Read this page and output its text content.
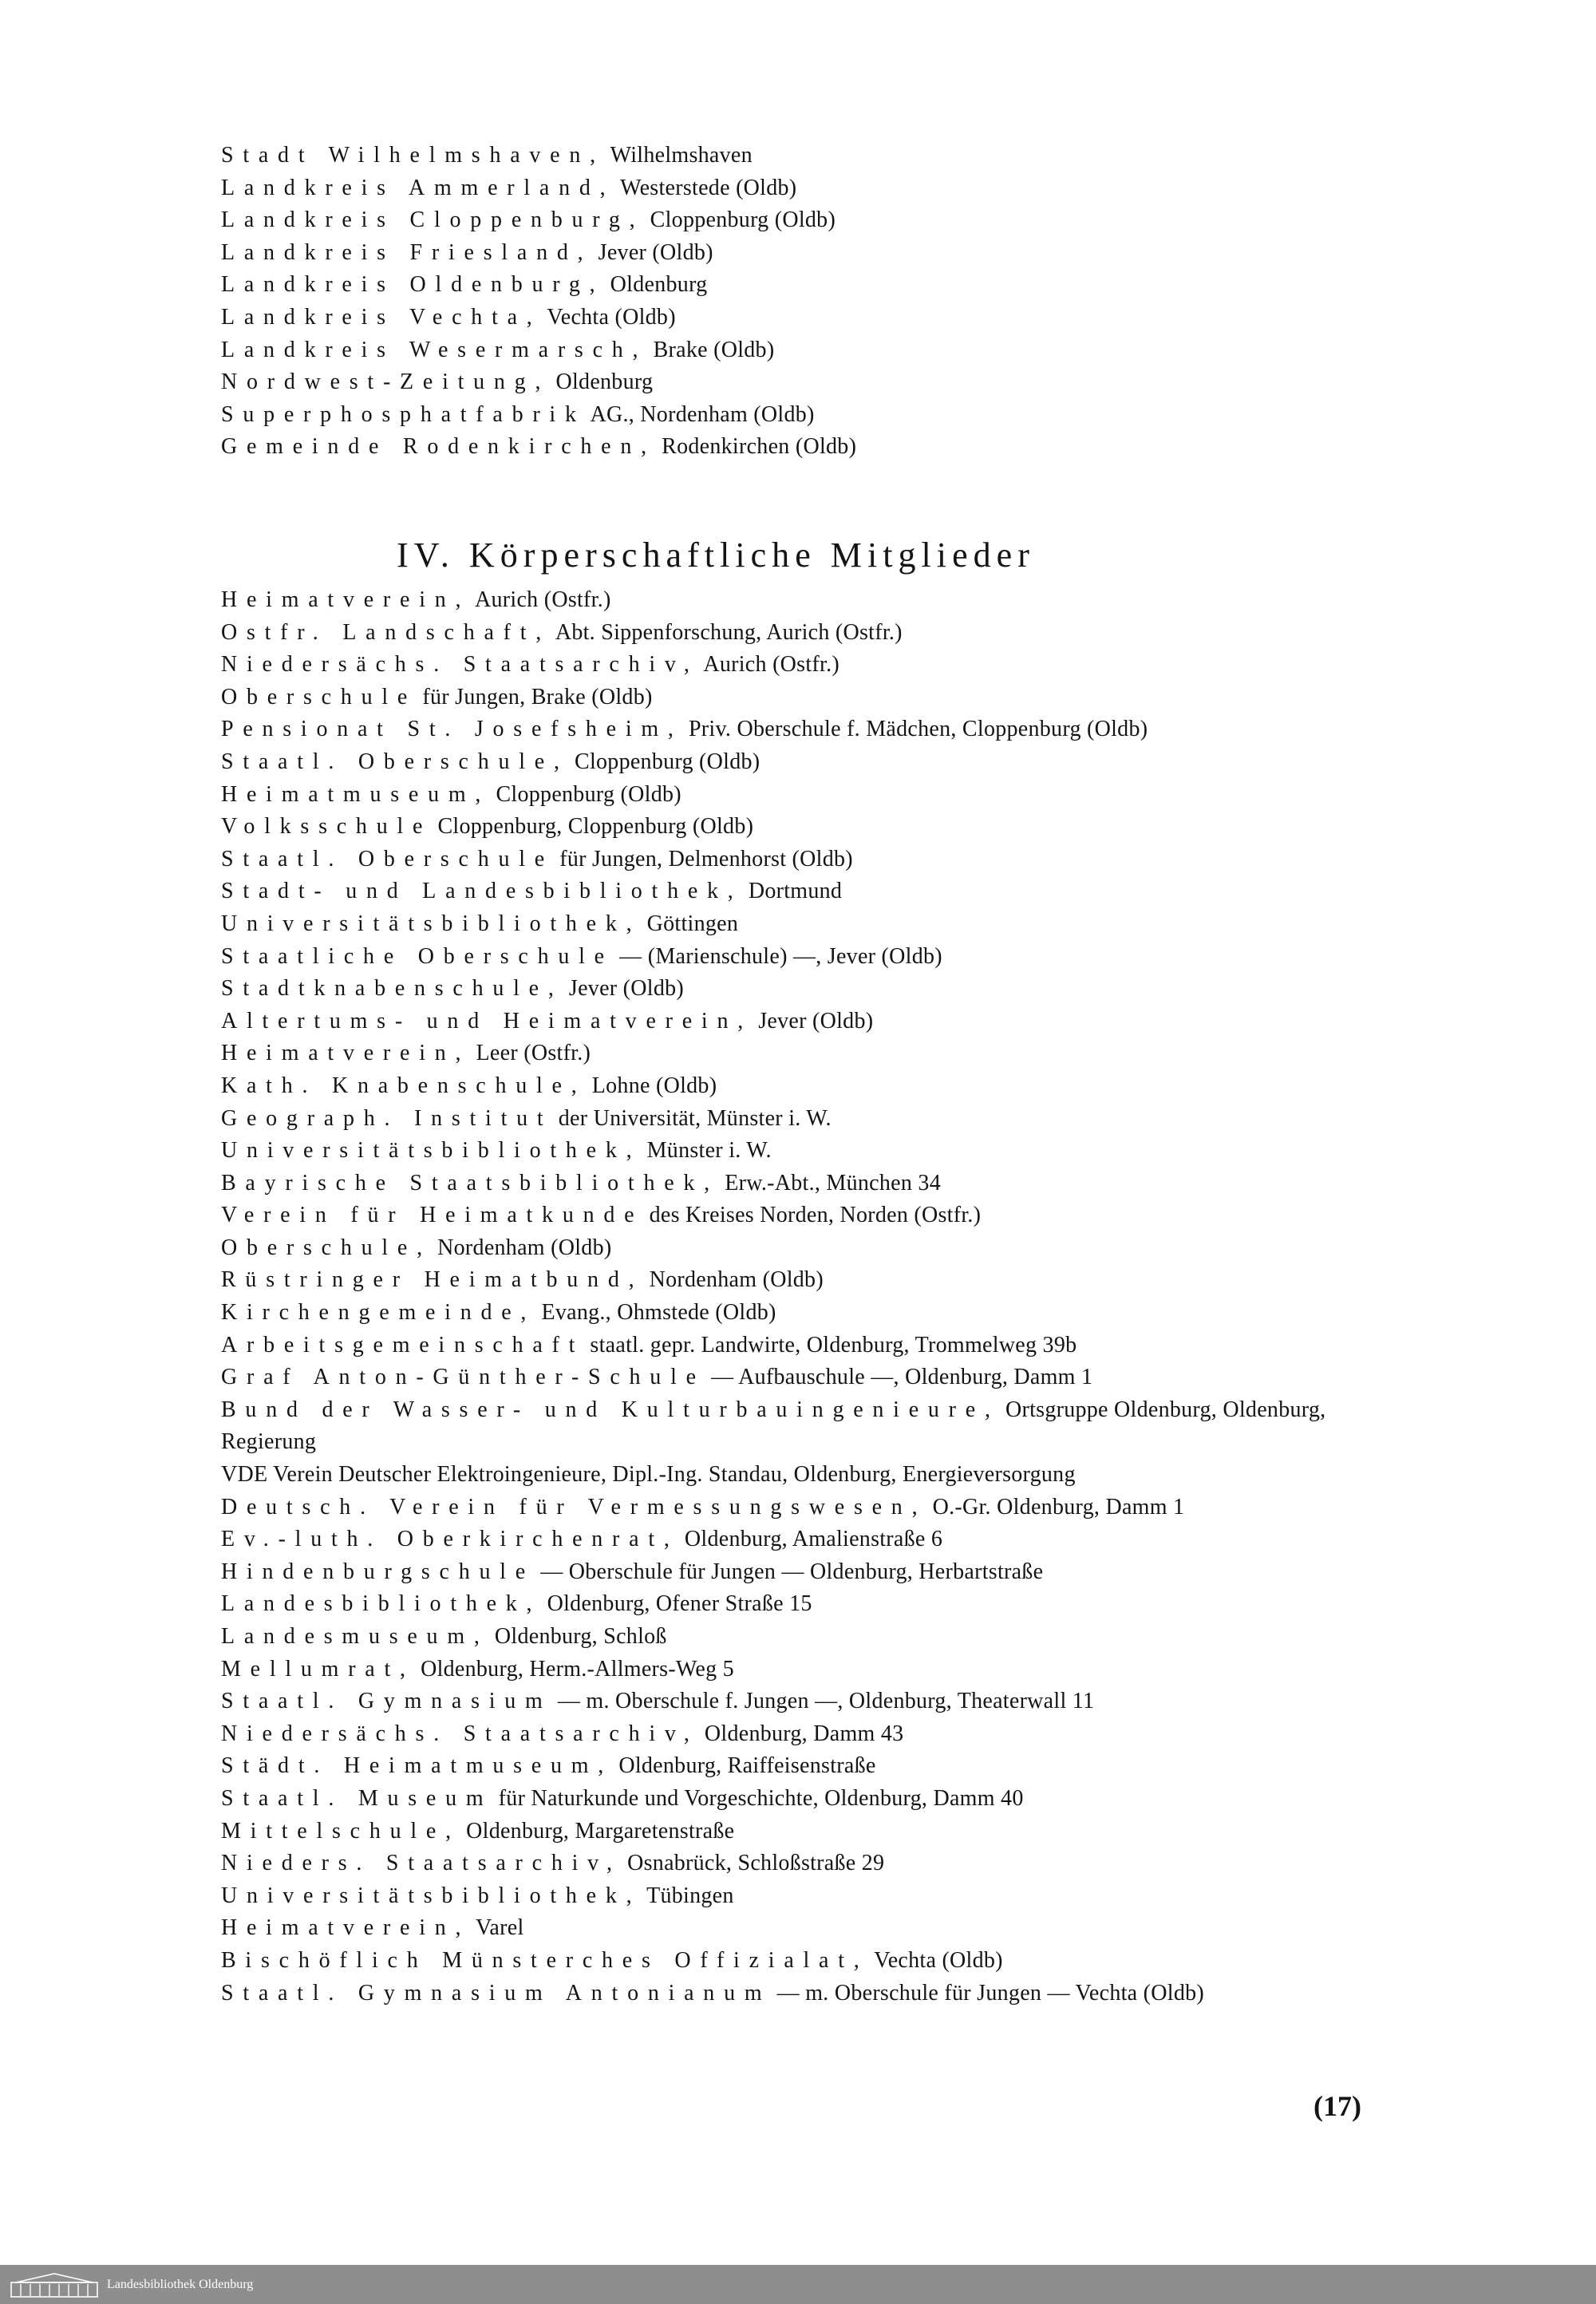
Stadt Wilhelmshaven, Wilhelmshaven
Landkreis Ammerland, Westerstede (Oldb)
Landkreis Cloppenburg, Cloppenburg (Oldb)
Landkreis Friesland, Jever (Oldb)
Landkreis Oldenburg, Oldenburg
Landkreis Vechta, Vechta (Oldb)
Landkreis Wesermarsch, Brake (Oldb)
Nordwest-Zeitung, Oldenburg
Superphosphatfabrik AG., Nordenham (Oldb)
Gemeinde Rodenkirchen, Rodenkirchen (Oldb)
IV. Körperschaftliche Mitglieder
Heimatverein, Aurich (Ostfr.)
Ostfr. Landschaft, Abt. Sippenforschung, Aurich (Ostfr.)
Niedersächs. Staatsarchiv, Aurich (Ostfr.)
Oberschule für Jungen, Brake (Oldb)
Pensionat St. Josefsheim, Priv. Oberschule f. Mädchen, Cloppenburg (Oldb)
Staatl. Oberschule, Cloppenburg (Oldb)
Heimatmuseum, Cloppenburg (Oldb)
Volksschule Cloppenburg, Cloppenburg (Oldb)
Staatl. Oberschule für Jungen, Delmenhorst (Oldb)
Stadt- und Landesbibliothek, Dortmund
Universitätsbibliothek, Göttingen
Staatliche Oberschule — (Marienschule) —, Jever (Oldb)
Stadtknabenschule, Jever (Oldb)
Altertums- und Heimatverein, Jever (Oldb)
Heimatverein, Leer (Ostfr.)
Kath. Knabenschule, Lohne (Oldb)
Geograph. Institut der Universität, Münster i. W.
Universitätsbibliothek, Münster i. W.
Bayrische Staatsbibliothek, Erw.-Abt., München 34
Verein für Heimatkunde des Kreises Norden, Norden (Ostfr.)
Oberschule, Nordenham (Oldb)
Rüstringer Heimatbund, Nordenham (Oldb)
Kirchengemeinde, Evang., Ohmstede (Oldb)
Arbeitsgemeinschaft staatl. gepr. Landwirte, Oldenburg, Trommelweg 39b
Graf Anton-Günther-Schule — Aufbauschule —, Oldenburg, Damm 1
Bund der Wasser- und Kulturbauingenieure, Ortsgruppe Oldenburg, Oldenburg, Regierung
VDE Verein Deutscher Elektroingenieure, Dipl.-Ing. Standau, Oldenburg, Energieversorgung
Deutsch. Verein für Vermessungswesen, O.-Gr. Oldenburg, Damm 1
Ev.-luth. Oberkirchenrat, Oldenburg, Amalienstraße 6
Hindenburgschule — Oberschule für Jungen — Oldenburg, Herbartstraße
Landesbibliothek, Oldenburg, Ofener Straße 15
Landesmuseum, Oldenburg, Schloß
Mellumrat, Oldenburg, Herm.-Allmers-Weg 5
Staatl. Gymnasium — m. Oberschule f. Jungen —, Oldenburg, Theaterwall 11
Niedersächs. Staatsarchiv, Oldenburg, Damm 43
Städt. Heimatmuseum, Oldenburg, Raiffeisenstraße
Staatl. Museum für Naturkunde und Vorgeschichte, Oldenburg, Damm 40
Mittelschule, Oldenburg, Margaretenstraße
Nieders. Staatsarchiv, Osnabrück, Schloßstraße 29
Universitätsbibliothek, Tübingen
Heimatverein, Varel
Bischöflich Münsterches Offizialat, Vechta (Oldb)
Staatl. Gymnasium Antonianum — m. Oberschule für Jungen — Vechta (Oldb)
(17)
Landesbibliothek Oldenburg
